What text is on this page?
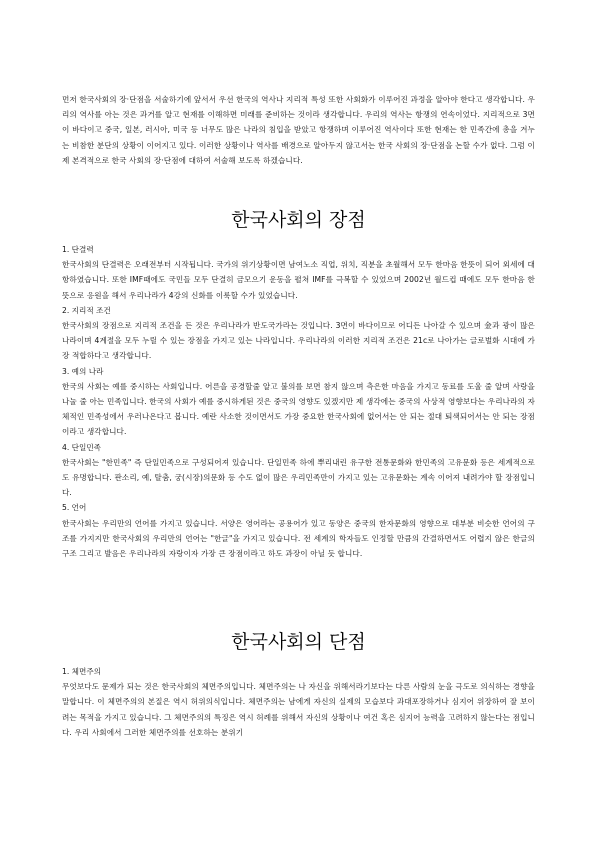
먼저 한국사회의 장·단점을 서술하기에 앞서서 우선 한국의 역사나 지리적 특성 또한 사회화가 이루어진 과정을 알아야 한다고 생각합니다. 우리의 역사를 아는 것은 과거를 알고 현재를 이해하면 미래를 준비하는 것이라 생각합니다. 우리의 역사는 항쟁의 연속이었다. 지리적으로 3면이 바다이고 중국, 일본, 러시아, 미국 등 너무도 많은 나라의 침입을 받았고 항쟁하며 이루어진 역사이다 또한 현재는 한 민족간에 총을 겨누는 비참한 분단의 상황이 이어지고 있다. 이러한 상황이나 역사를 배경으로 알아두지 않고서는 한국 사회의 장·단점을 논할 수가 없다. 그럼 이제 본격적으로 한국 사회의 장·단점에 대하여 서술해 보도록 하겠습니다.

한국사회의 장점

1. 단결력

한국사회의 단결력은 오래전부터 시작됩니다. 국가의 위기상황이면 남여노소 직업, 위치, 직분을 초월해서 모두 한마음 한뜻이 되어 외세에 대항하였습니다. 또한 IMF때에도 국민들 모두 단결히 금모으기 운동을 펼쳐 IMF를 극복할 수 있었으며 2002년 월드컵 때에도 모두 한마음 한뜻으로 응원을 해서 우리나라가 4강의 신화를 이룩할 수가 있었습니다.

2. 지리적 조건

한국사회의 장점으로 지리적 조건을 든 것은 우리나라가 반도국가라는 것입니다. 3면이 바다이므로 어디든 나아갈 수 있으며 金과 광이 많은 나라이며 4계절을 모두 누릴 수 있는 장점을 가지고 있는 나라입니다. 우리나라의 이러한 지리적 조건은 21c로 나아가는 글로벌화 시대에 가장 적합하다고 생각합니다.

3. 예의 나라

한국의 사회는 예를 중시하는 사회입니다. 어른을 공경할줄 알고 불의를 보면 참지 않으며 측은한 마음을 가지고 동료를 도울 줄 알며 사랑을 나눌 줄 아는 민족입니다. 한국의 사회가 예를 중시하게된 것은 중국의 영향도 있겠지만 제 생각에는 중국의 사상적 영향보다는 우리나라의 자체적인 민족성에서 우러나온다고 봅니다. 예란 사소한 것이면서도 가장 중요한 한국사회에 없어서는 안 되는 절대 퇴색되어서는 안 되는 장점이라고 생각합니다.

4. 단일민족

한국사회는 "한민족" 즉 단일민족으로 구성되어져 있습니다. 단일민족 하에 뿌리내린 유구한 전통문화와 한민족의 고유문화 등은 세계적으로도 유명합니다. 판소리, 예, 탈춤, 궁(시장)의문화 등 수도 없이 많은 우리민족만이 가지고 있는 고유문화는 계속 이어져 내려가야 할 장점입니다.

5. 언어

한국사회는 우리만의 언어를 가지고 있습니다. 서양은 영어라는 공용어가 있고 동양은 중국의 한자문화의 영향으로 대부분 비슷한 언어의 구조를 가지지만 한국사회의 우리만의 언어는 "한글"을 가지고 있습니다. 전 세계의 학자들도 인정할 만큼의 간결하면서도 어렵지 않은 한글의 구조 그리고 발음은 우리나라의 자랑이자 가장 큰 장점이라고 하도 과장이 아닐 듯 합니다.

한국사회의 단점

1. 체면주의

무엇보다도 문제가 되는 것은 한국사회의 체면주의입니다. 체면주의는 나 자신을 위해서라기보다는 다른 사람의 눈을 극도로 의식하는 경향을 말합니다. 이 체면주의의 본질은 역시 허위의식입니다. 체면주의는 남에게 자신의 실제의 모습보다 과대포장하거나 심지어 위장하여 잘 보이려는 목적을 가지고 있습니다. 그 체면주의의 특징은 역시 허례를 위해서 자신의 상황이나 여건 혹은 심지어 능력을 고려하지 않는다는 점입니다. 우리 사회에서 그러한 체면주의를 선호하는 분위기
